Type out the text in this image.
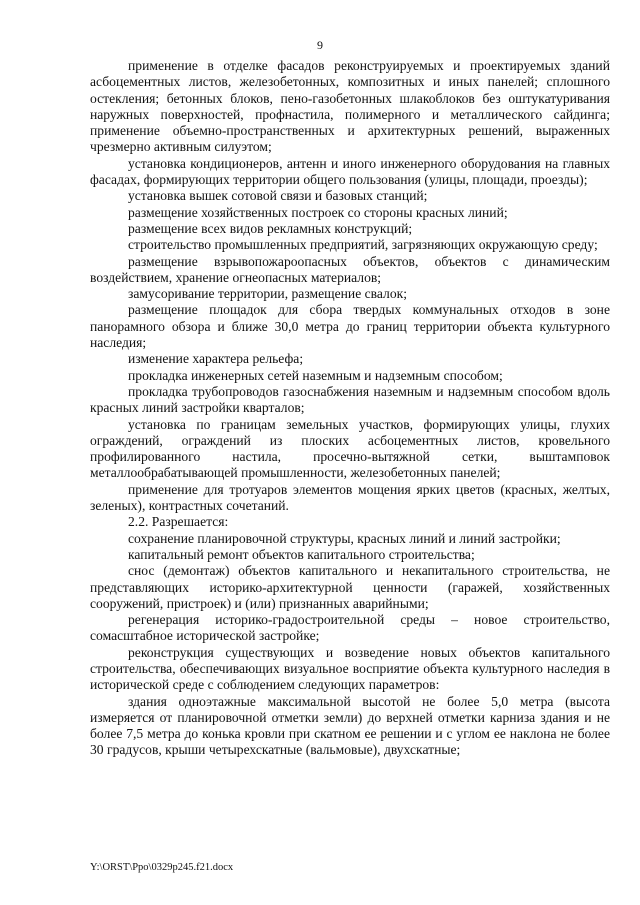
9

применение в отделке фасадов реконструируемых и проектируемых зданий асбоцементных листов, железобетонных, композитных и иных панелей; сплошного остекления; бетонных блоков, пено-газобетонных шлакоблоков без оштукатуривания наружных поверхностей, профнастила, полимерного и металлического сайдинга; применение объемно-пространственных и архитектурных решений, выраженных чрезмерно активным силуэтом;

установка кондиционеров, антенн и иного инженерного оборудования на главных фасадах, формирующих территории общего пользования (улицы, площади, проезды);

установка вышек сотовой связи и базовых станций;

размещение хозяйственных построек со стороны красных линий;

размещение всех видов рекламных конструкций;

строительство промышленных предприятий, загрязняющих окружающую среду;

размещение взрывопожароопасных объектов, объектов с динамическим воздействием, хранение огнеопасных материалов;

замусоривание территории, размещение свалок;

размещение площадок для сбора твердых коммунальных отходов в зоне панорамного обзора и ближе 30,0 метра до границ территории объекта культурного наследия;

изменение характера рельефа;

прокладка инженерных сетей наземным и надземным способом;

прокладка трубопроводов газоснабжения наземным и надземным способом вдоль красных линий застройки кварталов;

установка по границам земельных участков, формирующих улицы, глухих ограждений, ограждений из плоских асбоцементных листов, кровельного профилированного настила, просечно-вытяжной сетки, выштамповок металлообрабатывающей промышленности, железобетонных панелей;

применение для тротуаров элементов мощения ярких цветов (красных, желтых, зеленых), контрастных сочетаний.

2.2. Разрешается:

сохранение планировочной структуры, красных линий и линий застройки;

капитальный ремонт объектов капитального строительства;

снос (демонтаж) объектов капитального и некапитального строительства, не представляющих историко-архитектурной ценности (гаражей, хозяйственных сооружений, пристроек) и (или) признанных аварийными;

регенерация историко-градостроительной среды – новое строительство, сомасштабное исторической застройке;

реконструкция существующих и возведение новых объектов капитального строительства, обеспечивающих визуальное восприятие объекта культурного наследия в исторической среде с соблюдением следующих параметров:

здания одноэтажные максимальной высотой не более 5,0 метра (высота измеряется от планировочной отметки земли) до верхней отметки карниза здания и не более 7,5 метра до конька кровли при скатном ее решении и с углом ее наклона не более 30 градусов, крыши четырехскатные (вальмовые), двухскатные;

Y:\ORST\Ppo\0329p245.f21.docx
